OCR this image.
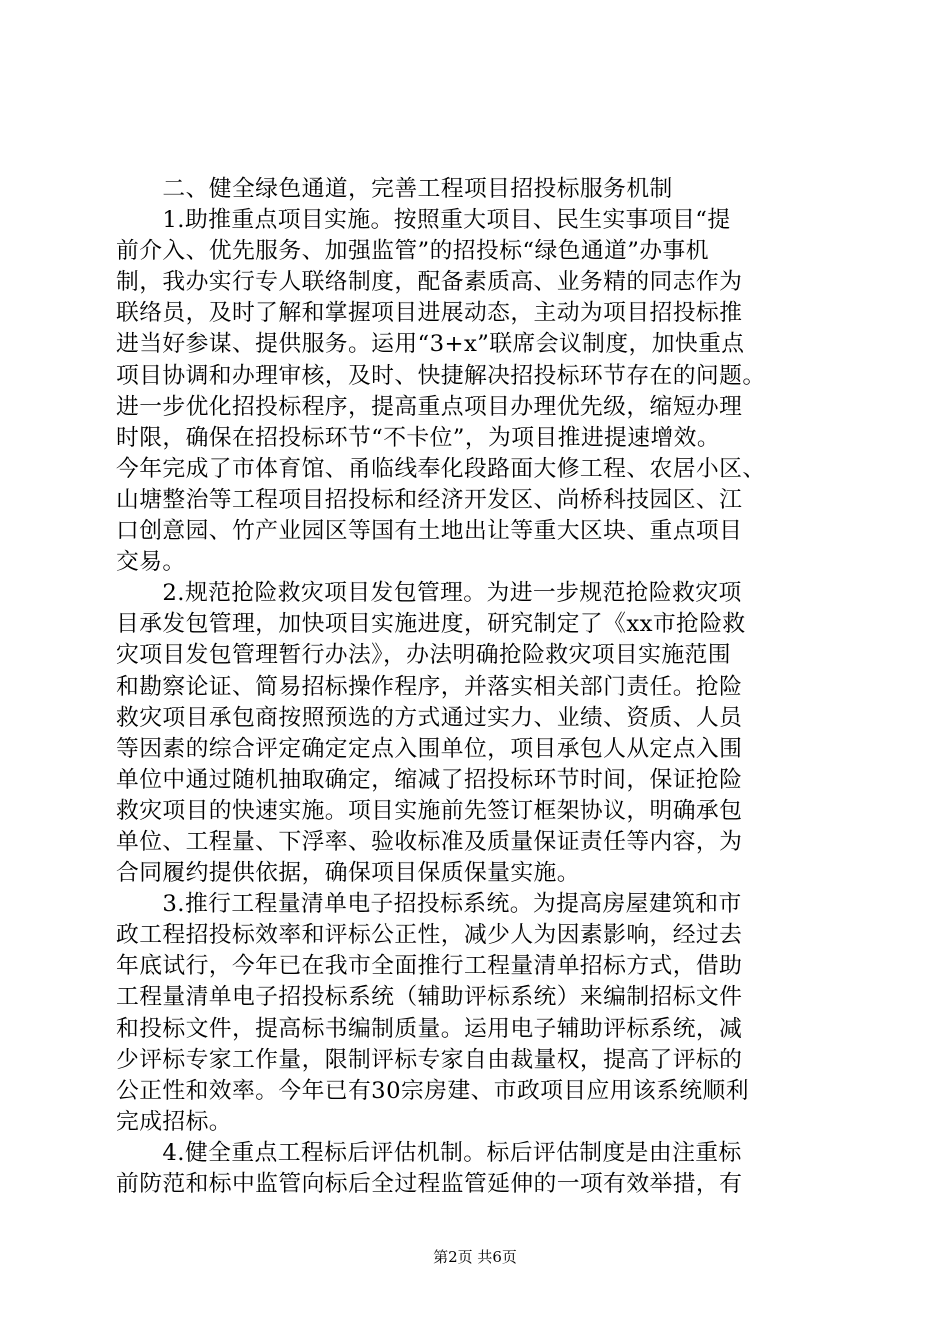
　　二、健全绿色通道，完善工程项目招投标服务机制
　　1.助推重点项目实施。按照重大项目、民生实事项目“提
前介入、优先服务、加强监管”的招投标“绿色通道”办事机
制，我办实行专人联络制度，配备素质高、业务精的同志作为
联络员，及时了解和掌握项目进展动态，主动为项目招投标推
进当好参谋、提供服务。运用“3+x”联席会议制度，加快重点
项目协调和办理审核，及时、快捷解决招投标环节存在的问题。
进一步优化招投标程序，提高重点项目办理优先级，缩短办理
时限，确保在招投标环节“不卡位”，为项目推进提速增效。
今年完成了市体育馆、甬临线奉化段路面大修工程、农居小区、
山塘整治等工程项目招投标和经济开发区、尚桥科技园区、江
口创意园、竹产业园区等国有土地出让等重大区块、重点项目
交易。
　　2.规范抢险救灾项目发包管理。为进一步规范抢险救灾项
目承发包管理，加快项目实施进度，研究制定了《xx市抢险救
灾项目发包管理暂行办法》，办法明确抢险救灾项目实施范围
和勘察论证、简易招标操作程序，并落实相关部门责任。抢险
救灾项目承包商按照预选的方式通过实力、业绩、资质、人员
等因素的综合评定确定定点入围单位，项目承包人从定点入围
单位中通过随机抽取确定，缩减了招投标环节时间，保证抢险
救灾项目的快速实施。项目实施前先签订框架协议，明确承包
单位、工程量、下浮率、验收标准及质量保证责任等内容，为
合同履约提供依据，确保项目保质保量实施。
　　3.推行工程量清单电子招投标系统。为提高房屋建筑和市
政工程招投标效率和评标公正性，减少人为因素影响，经过去
年底试行，今年已在我市全面推行工程量清单招标方式，借助
工程量清单电子招投标系统（辅助评标系统）来编制招标文件
和投标文件，提高标书编制质量。运用电子辅助评标系统，减
少评标专家工作量，限制评标专家自由裁量权，提高了评标的
公正性和效率。今年已有30宗房建、市政项目应用该系统顺利
完成招标。
　　4.健全重点工程标后评估机制。标后评估制度是由注重标
前防范和标中监管向标后全过程监管延伸的一项有效举措，有
第2页 共6页
